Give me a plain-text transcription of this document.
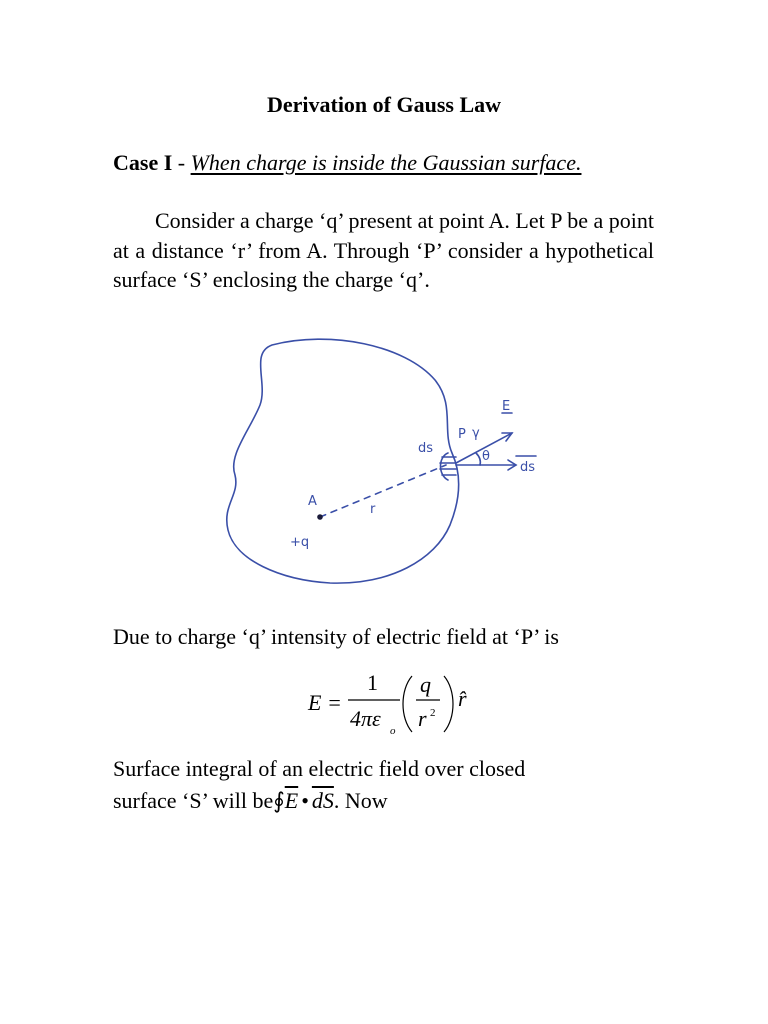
Derivation of Gauss Law
Case I - When charge is inside the Gaussian surface.
Consider a charge ‘q’ present at point A. Let P be a point at a distance ‘r’ from A. Through ‘P’ consider a hypothetical surface ‘S’ enclosing the charge ‘q’.
E
P γ
θ
ds
ds
A
r
+q
Due to charge ‘q’ intensity of electric field at ‘P’ is
E =
1
4πε o
q
r 2
r̂
Surface integral of an electric field over closed
surface ‘S’ will $be∮\overline{E}$ • $\overline{dS}$. Now
